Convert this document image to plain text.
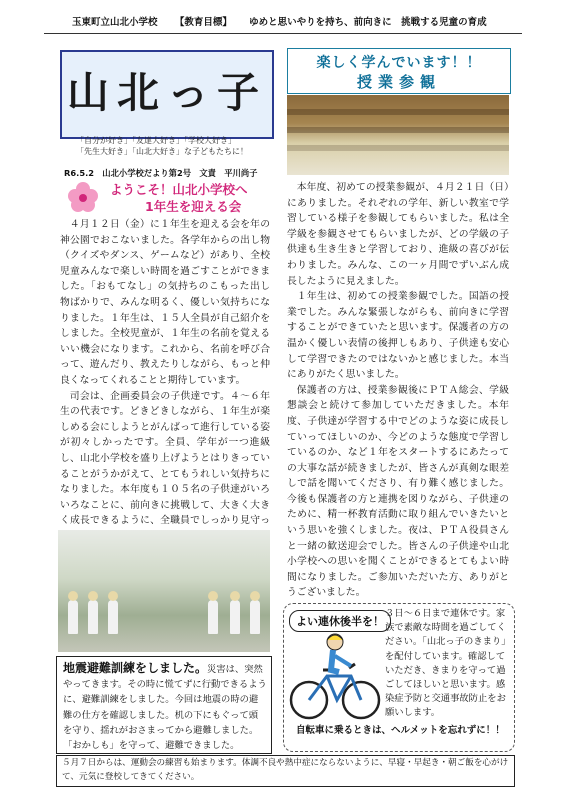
玉東町立山北小学校 【教育目標】 ゆめと思いやりを持ち、前向きに　挑戦する児童の育成
山北っ子
「自分が好き」「友達大好き」「学校大好き」
「先生大好き」「山北大好き」な子どもたちに！
R6.5.2　山北小学校だより第2号　文責　平川尚子
楽しく学んでいます！！
授業参観
ようこそ！山北小学校へ
1年生を迎える会

４月１２日（金）に１年生を迎える会を年の神公園でおこないました。各学年からの出し物（クイズやダンス、ゲームなど）があり、全校児童みんなで楽しい時間を過ごすことができました。「おもてなし」の気持ちのこもった出し物ばかりで、みんな明るく、優しい気持ちになりました。１年生は、１５人全員が自己紹介をしました。全校児童が、１年生の名前を覚えるいい機会になります。これから、名前を呼び合って、遊んだり、教えたりしながら、もっと仲良くなってくれることと期待しています。

司会は、企画委員会の子供達です。４～６年生の代表です。どきどきしながら、１年生が楽しめる会にしようとがんばって進行している姿が初々しかったです。全員、学年が一つ進級し、山北小学校を盛り上げようとはりきっていることがうかがえて、とてもうれしい気持ちになりました。本年度も１０５名の子供達がいろいろなことに、前向きに挑戦して、大きく大きく成長できるように、全職員でしっかり見守っ

本年度、初めての授業参観が、４月２１日（日）にありました。それぞれの学年、新しい教室で学習している様子を参観してもらいました。私は全学級を参観させてもらいましたが、どの学級の子供達も生き生きと学習しており、進級の喜びが伝わりました。みんな、この一ヶ月間でずいぶん成長したように見えました。

１年生は、初めての授業参観でした。国語の授業でした。みんな緊張しながらも、前向きに学習することができていたと思います。保護者の方の温かく優しい表情の後押しもあり、子供達も安心して学習できたのではないかと感じました。本当にありがたく思いました。

保護者の方は、授業参観後にＰＴＡ総会、学級懇談会と続けて参加していただきました。本年度、子供達が学習する中でどのような姿に成長していってほしいのか、今どのような態度で学習しているのか、など１年をスタートするにあたっての大事な話が続きましたが、皆さんが真剣な眼差しで話を聞いてくださり、有り難く感じました。今後も保護者の方と連携を図りながら、子供達のために、精一杯教育活動に取り組んでいきたいという思いを強くしました。夜は、ＰＴＡ役員さんと一緒の歓送迎会でした。皆さんの子供達や山北小学校への思いを聞くことができるとてもよい時間になりました。ご参加いただいた方、ありがとうございました。

地震避難訓練をしました。災害は、突然やってきます。その時に慌てずに行動できるように、避難訓練をしました。今回は地震の時の避難の仕方を確認しました。机の下にもぐって頭を守り、揺れがおさまってから避難しました。「おかしも」を守って、避難できました。
よい連休後半を！
３日～６日まで連休です。家族で素敵な時間を過ごしてください。「山北っ子のきまり」を配付しています。確認していただき、きまりを守って過ごしてほしいと思います。感染症予防と交通事故防止をお願いします。
自転車に乗るときは、ヘルメットを忘れずに！！
５月７日からは、運動会の練習も始まります。体調不良や熱中症にならないように、早寝・早起き・朝ご飯を心がけて、元気に登校してきてください。
